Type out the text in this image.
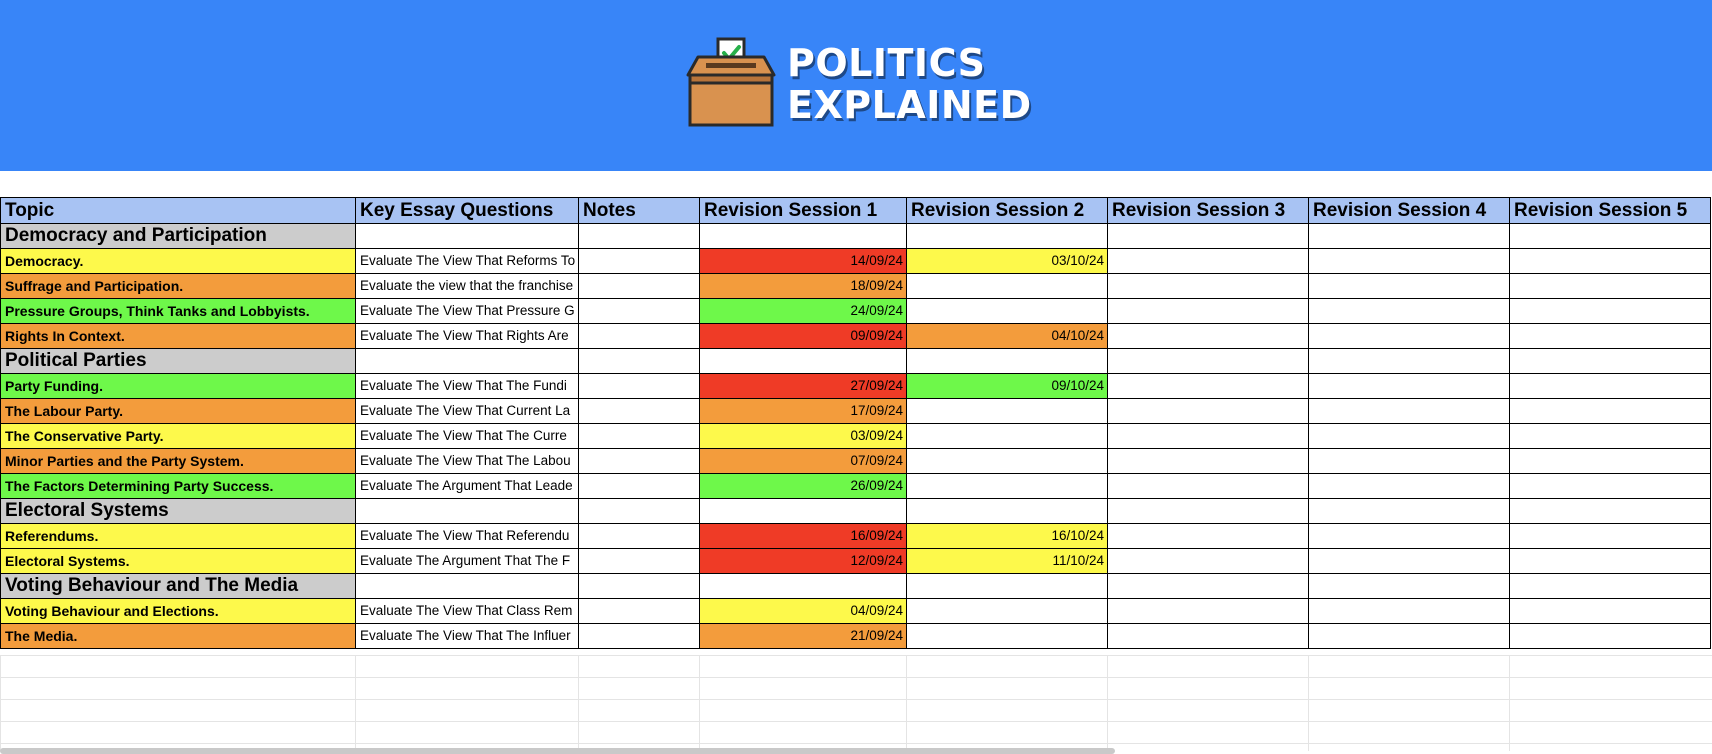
POLITICS
EXPLAINED
Topic	Key Essay Questions	Notes	Revision Session 1	Revision Session 2	Revision Session 3	Revision Session 4	Revision Session 5
Democracy and Participation							
Democracy.	Evaluate The View That Reforms To		14/09/24	03/10/24			
Suffrage and Participation.	Evaluate the view that the franchise		18/09/24				
Pressure Groups, Think Tanks and Lobbyists.	Evaluate The View That Pressure G		24/09/24				
Rights In Context.	Evaluate The View That Rights Are		09/09/24	04/10/24			
Political Parties							
Party Funding.	Evaluate The View That The Fundi		27/09/24	09/10/24			
The Labour Party.	Evaluate The View That Current La		17/09/24				
The Conservative Party.	Evaluate The View That The Curre		03/09/24				
Minor Parties and the Party System.	Evaluate The View That The Labou		07/09/24				
The Factors Determining Party Success.	Evaluate The Argument That Leade		26/09/24				
Electoral Systems							
Referendums.	Evaluate The View That Referendu		16/09/24	16/10/24			
Electoral Systems.	Evaluate The Argument That The F		12/09/24	11/10/24			
Voting Behaviour and The Media							
Voting Behaviour and Elections.	Evaluate The View That Class Rem		04/09/24				
The Media.	Evaluate The View That The Influer		21/09/24				
